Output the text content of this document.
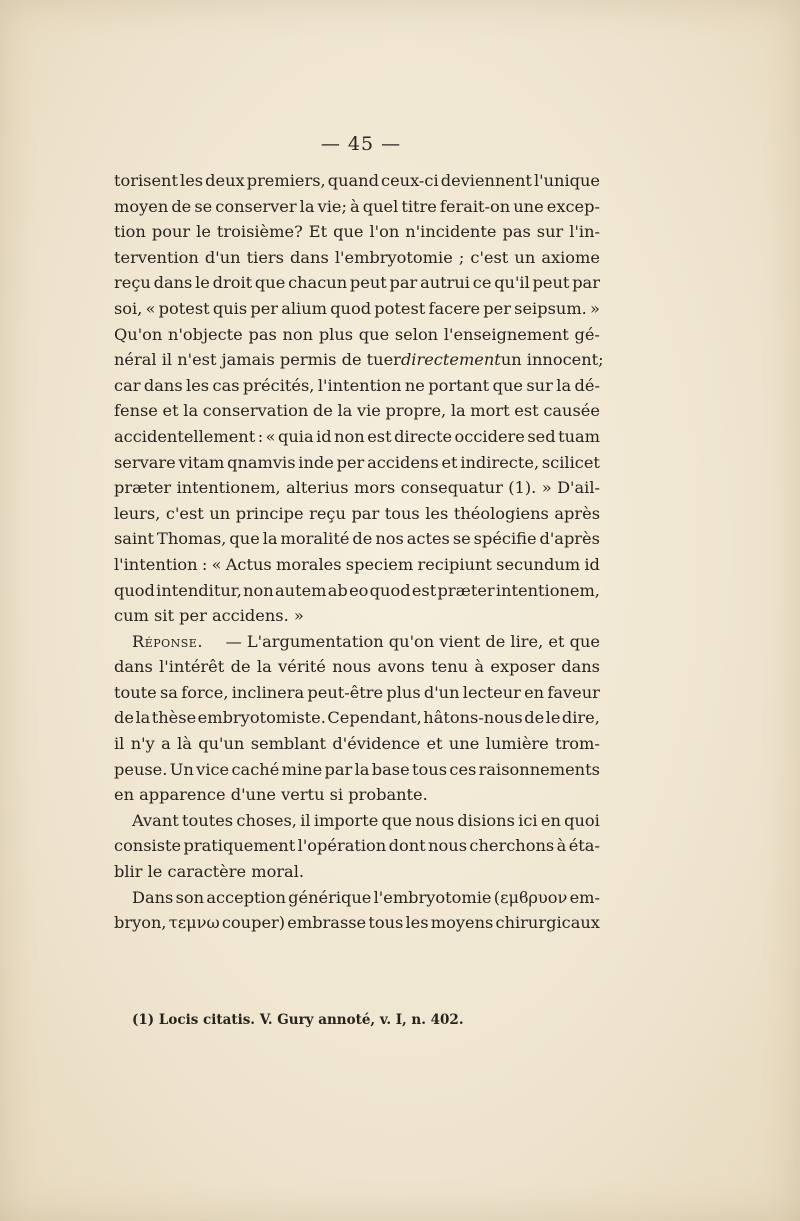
— 45 —
torisent les deux premiers, quand ceux-ci deviennent l'unique
moyen de se conserver la vie; à quel titre ferait-on une excep-
tion pour le troisième? Et que l'on n'incidente pas sur l'in-
tervention d'un tiers dans l'embryotomie ; c'est un axiome
reçu dans le droit que chacun peut par autrui ce qu'il peut par
soi, « potest quis per alium quod potest facere per seipsum. »
Qu'on n'objecte pas non plus que selon l'enseignement gé-
néral il n'est jamais permis de tuer directement un innocent;
car dans les cas précités, l'intention ne portant que sur la dé-
fense et la conservation de la vie propre, la mort est causée
accidentellement : « quia id non est directe occidere sed tuam
servare vitam qnamvis inde per accidens et indirecte, scilicet
præter intentionem, alterius mors consequatur (1). » D'ail-
leurs, c'est un principe reçu par tous les théologiens après
saint Thomas, que la moralité de nos actes se spécifie d'après
l'intention : « Actus morales speciem recipiunt secundum id
quod intenditur, non autem ab eo quod est præter intentionem,
cum sit per accidens. »
Réponse. — L'argumentation qu'on vient de lire, et que
dans l'intérêt de la vérité nous avons tenu à exposer dans
toute sa force, inclinera peut-être plus d'un lecteur en faveur
de la thèse embryotomiste. Cependant, hâtons-nous de le dire,
il n'y a là qu'un semblant d'évidence et une lumière trom-
peuse. Un vice caché mine par la base tous ces raisonnements
en apparence d'une vertu si probante.
Avant toutes choses, il importe que nous disions ici en quoi
consiste pratiquement l'opération dont nous cherchons à éta-
blir le caractère moral.
Dans son acception générique l'embryotomie (εμϐρυον em-
bryon, τεμνω couper) embrasse tous les moyens chirurgicaux
(1) Locis citatis. V. Gury annoté, v. I, n. 402.
